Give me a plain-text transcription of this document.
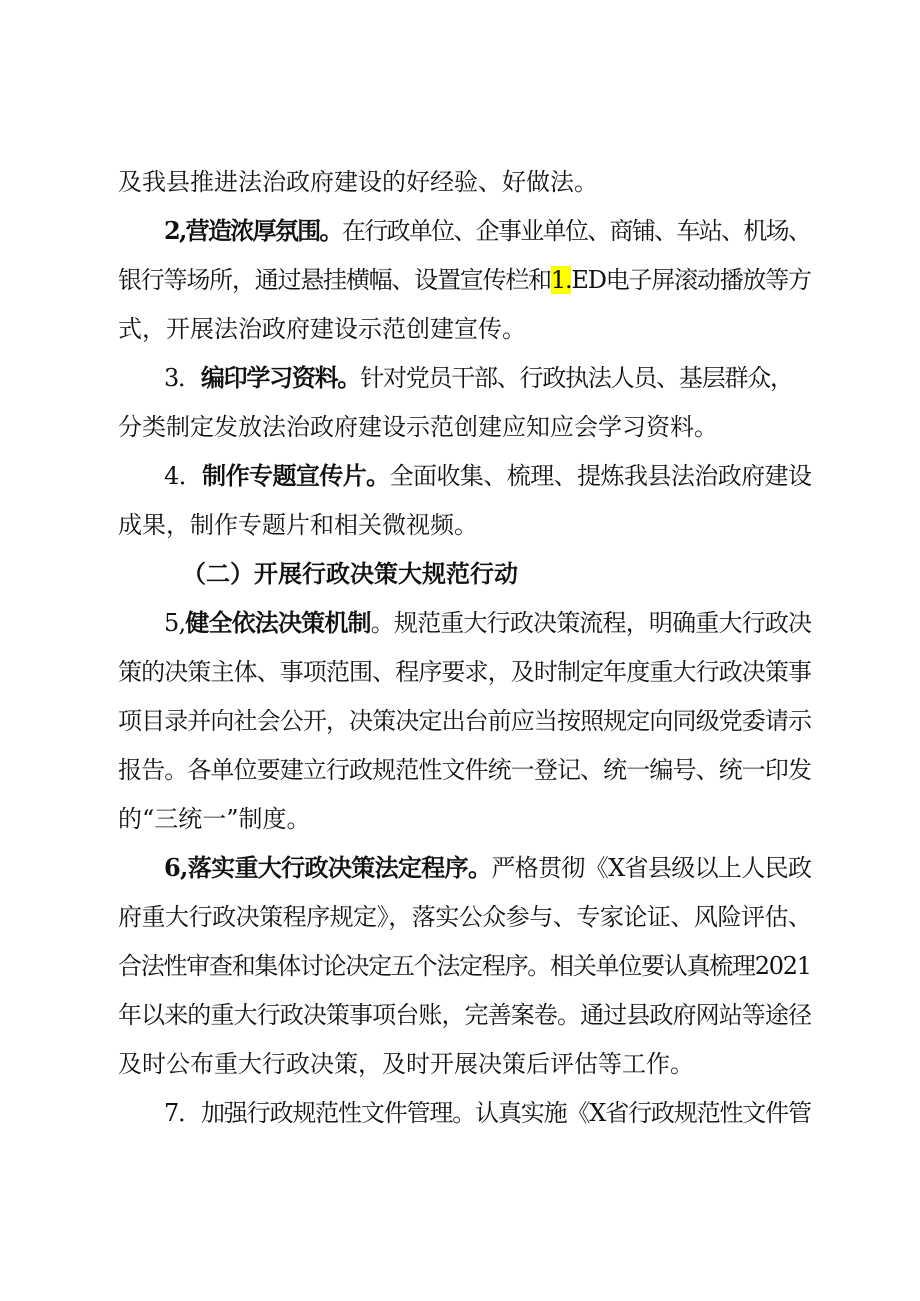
及我县推进法治政府建设的好经验、好做法。
2,营造浓厚氛围。在行政单位、企事业单位、商铺、车站、机场、
银行等场所，通过悬挂横幅、设置宣传栏和1.ED电子屏滚动播放等方
式，开展法治政府建设示范创建宣传。
3．编印学习资料。针对党员干部、行政执法人员、基层群众，
分类制定发放法治政府建设示范创建应知应会学习资料。
4．制作专题宣传片。全面收集、梳理、提炼我县法治政府建设
成果，制作专题片和相关微视频。
（二）开展行政决策大规范行动
5,健全依法决策机制。规范重大行政决策流程，明确重大行政决
策的决策主体、事项范围、程序要求，及时制定年度重大行政决策事
项目录并向社会公开，决策决定出台前应当按照规定向同级党委请示
报告。各单位要建立行政规范性文件统一登记、统一编号、统一印发
的“三统一”制度。
6,落实重大行政决策法定程序。严格贯彻《X省县级以上人民政
府重大行政决策程序规定》，落实公众参与、专家论证、风险评估、
合法性审查和集体讨论决定五个法定程序。相关单位要认真梳理2021
年以来的重大行政决策事项台账，完善案卷。通过县政府网站等途径
及时公布重大行政决策，及时开展决策后评估等工作。
7．加强行政规范性文件管理。认真实施《X省行政规范性文件管
